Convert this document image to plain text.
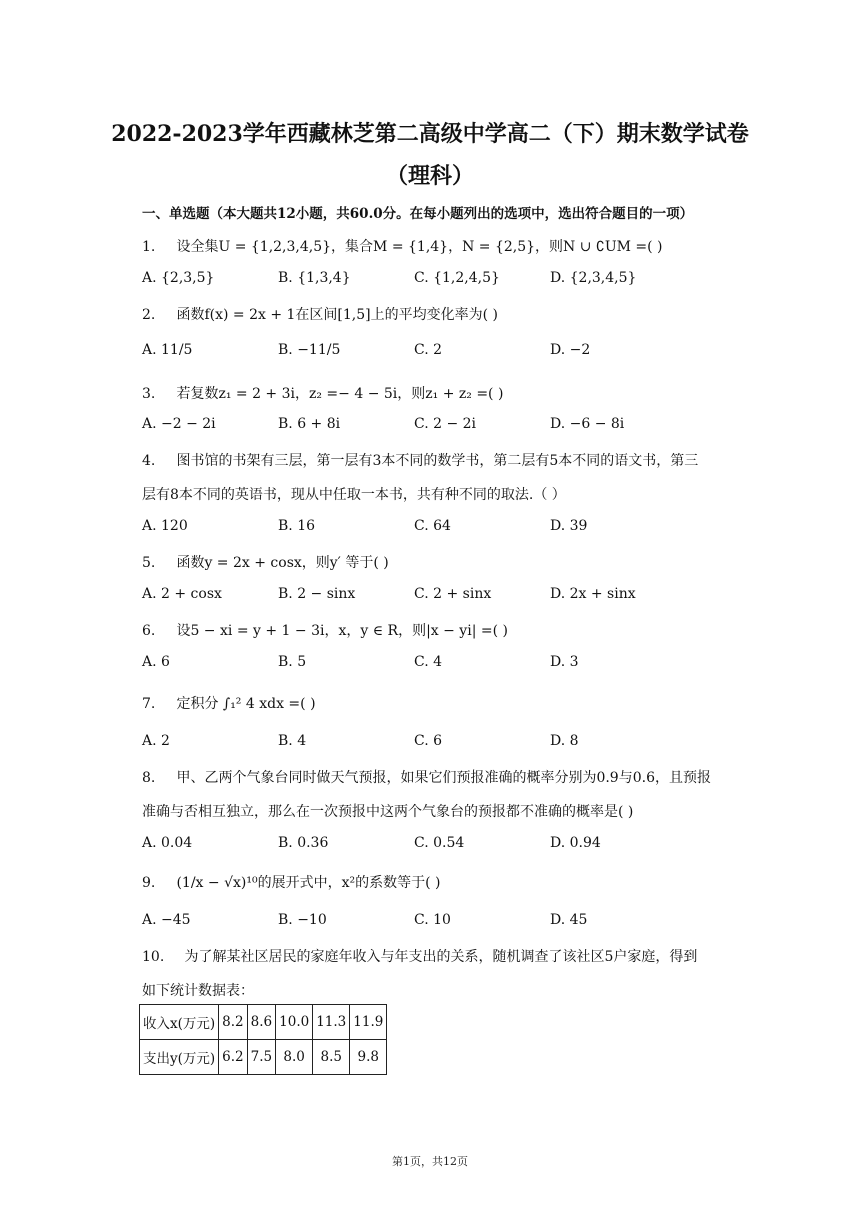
2022-2023学年西藏林芝第二高级中学高二（下）期末数学试卷
（理科）
一、单选题（本大题共12小题，共60.0分。在每小题列出的选项中，选出符合题目的一项）
1. 设全集U = {1,2,3,4,5}，集合M = {1,4}，N = {2,5}，则N ∪ ∁UM =( )
A. {2,3,5}	B. {1,3,4}	C. {1,2,4,5}	D. {2,3,4,5}
2. 函数f(x) = 2x + 1在区间[1,5]上的平均变化率为( )
A. 11/5	B. −11/5	C. 2	D. −2
3. 若复数z₁ = 2 + 3i，z₂ =− 4 − 5i，则z₁ + z₂ =( )
A. −2 − 2i	B. 6 + 8i	C. 2 − 2i	D. −6 − 8i
4. 图书馆的书架有三层，第一层有3本不同的数学书，第二层有5本不同的语文书，第三
层有8本不同的英语书，现从中任取一本书，共有种不同的取法.（ ）
A. 120	B. 16	C. 64	D. 39
5. 函数y = 2x + cosx，则y′ 等于( )
A. 2 + cosx	B. 2 − sinx	C. 2 + sinx	D. 2x + sinx
6. 设5 − xi = y + 1 − 3i，x，y ∈ R，则|x − yi| =( )
A. 6	B. 5	C. 4	D. 3
7. 定积分 ∫₁² 4 xdx =( )
A. 2	B. 4	C. 6	D. 8
8. 甲、乙两个气象台同时做天气预报，如果它们预报准确的概率分别为0.9与0.6，且预报
准确与否相互独立，那么在一次预报中这两个气象台的预报都不准确的概率是( )
A. 0.04	B. 0.36	C. 0.54	D. 0.94
9. (1/x − √x)¹⁰的展开式中，x²的系数等于( )
A. −45	B. −10	C. 10	D. 45
10. 为了解某社区居民的家庭年收入与年支出的关系，随机调查了该社区5户家庭，得到
如下统计数据表：
收入x(万元)	8.2	8.6	10.0	11.3	11.9
支出y(万元)	6.2	7.5	8.0	8.5	9.8
第1页，共12页
